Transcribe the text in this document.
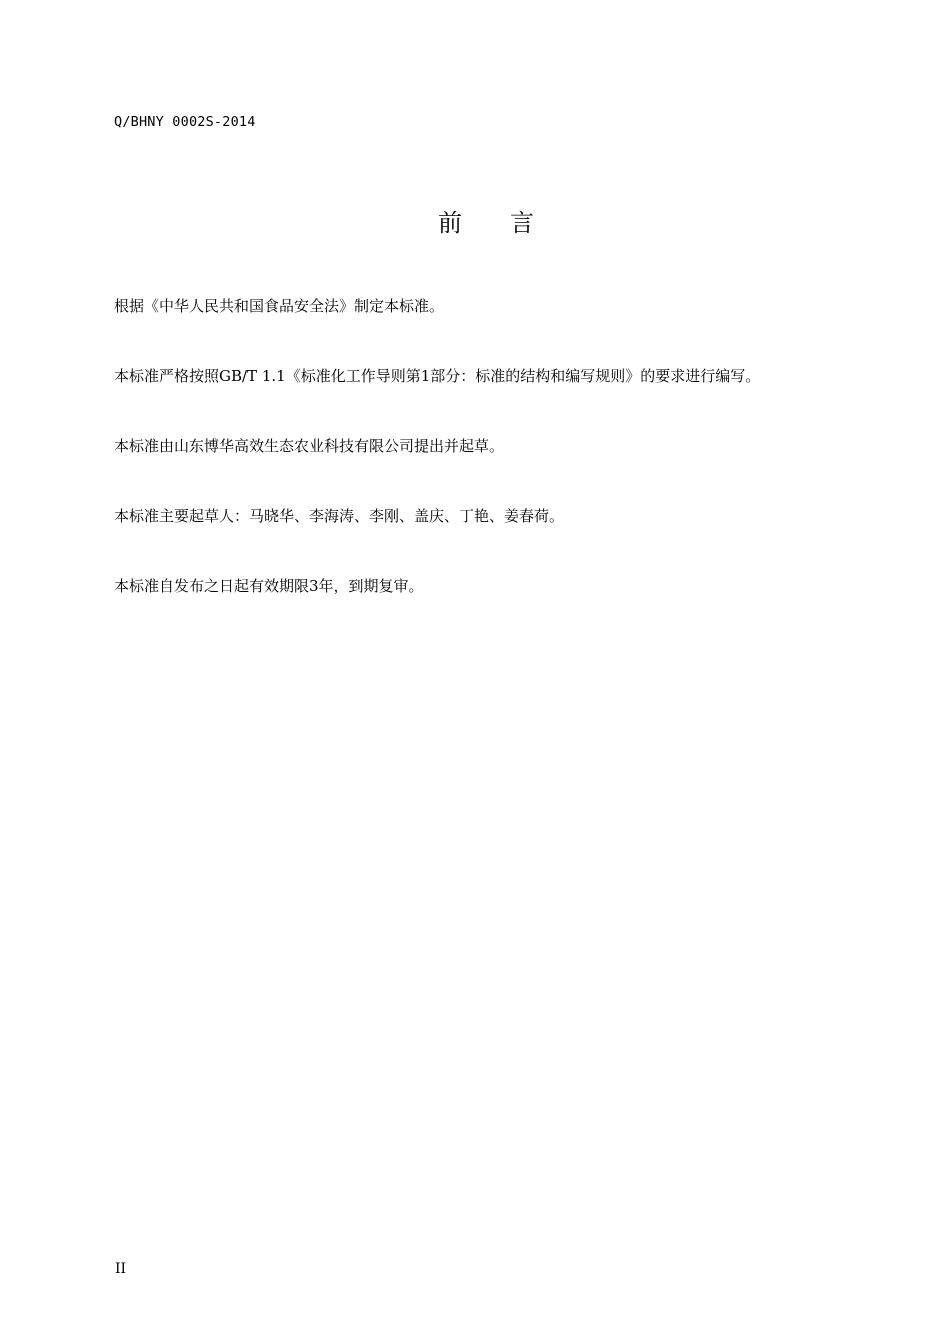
Q/BHNY 0002S-2014
前　　言
根据《中华人民共和国食品安全法》制定本标准。
本标准严格按照GB/T 1.1《标准化工作导则第1部分：标准的结构和编写规则》的要求进行编写。
本标准由山东博华高效生态农业科技有限公司提出并起草。
本标准主要起草人：马晓华、李海涛、李刚、盖庆、丁艳、姜春荷。
本标准自发布之日起有效期限3年，到期复审。
II
